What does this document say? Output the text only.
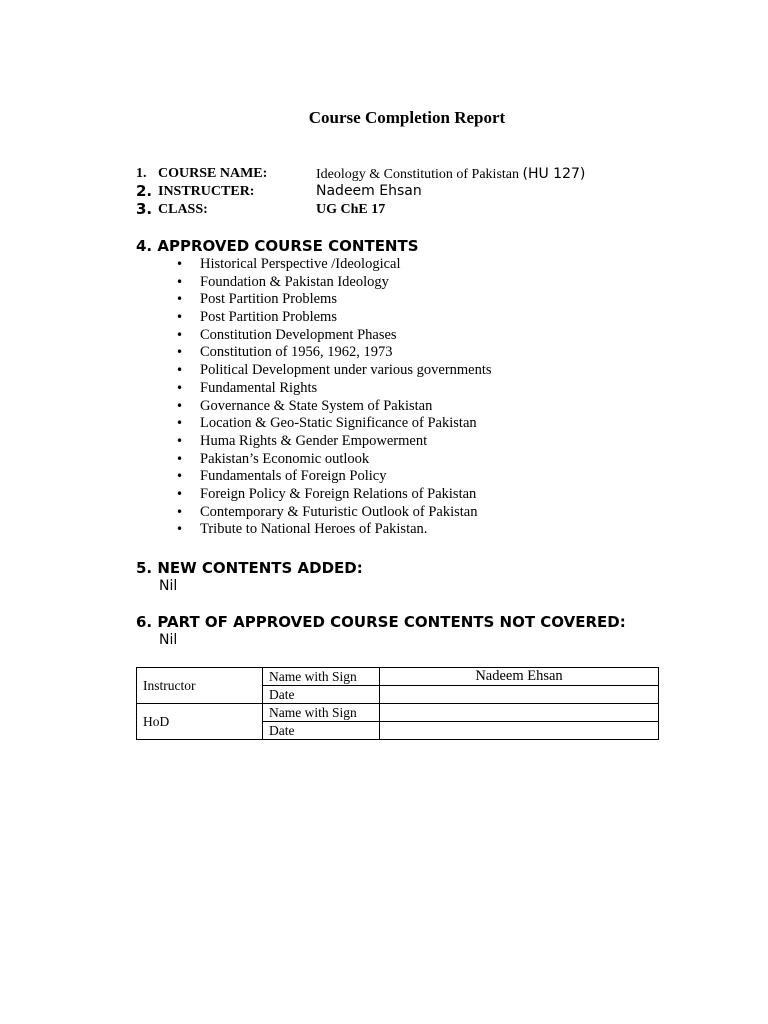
Course Completion Report
1. COURSE NAME:	Ideology & Constitution of Pakistan (HU 127)
2. INSTRUCTER:	Nadeem Ehsan
3. CLASS:	UG ChE 17
4. APPROVED COURSE CONTENTS
• Historical Perspective /Ideological
• Foundation & Pakistan Ideology
• Post Partition Problems
• Post Partition Problems
• Constitution Development Phases
• Constitution of 1956, 1962, 1973
• Political Development under various governments
• Fundamental Rights
• Governance & State System of Pakistan
• Location & Geo-Static Significance of Pakistan
• Huma Rights & Gender Empowerment
• Pakistan’s Economic outlook
• Fundamentals of Foreign Policy
• Foreign Policy & Foreign Relations of Pakistan
• Contemporary & Futuristic Outlook of Pakistan
• Tribute to National Heroes of Pakistan.
5. NEW CONTENTS ADDED:
Nil
6. PART OF APPROVED COURSE CONTENTS NOT COVERED:
Nil
Instructor	Name with Sign	Nadeem Ehsan
	Date	
HoD	Name with Sign	
	Date	
